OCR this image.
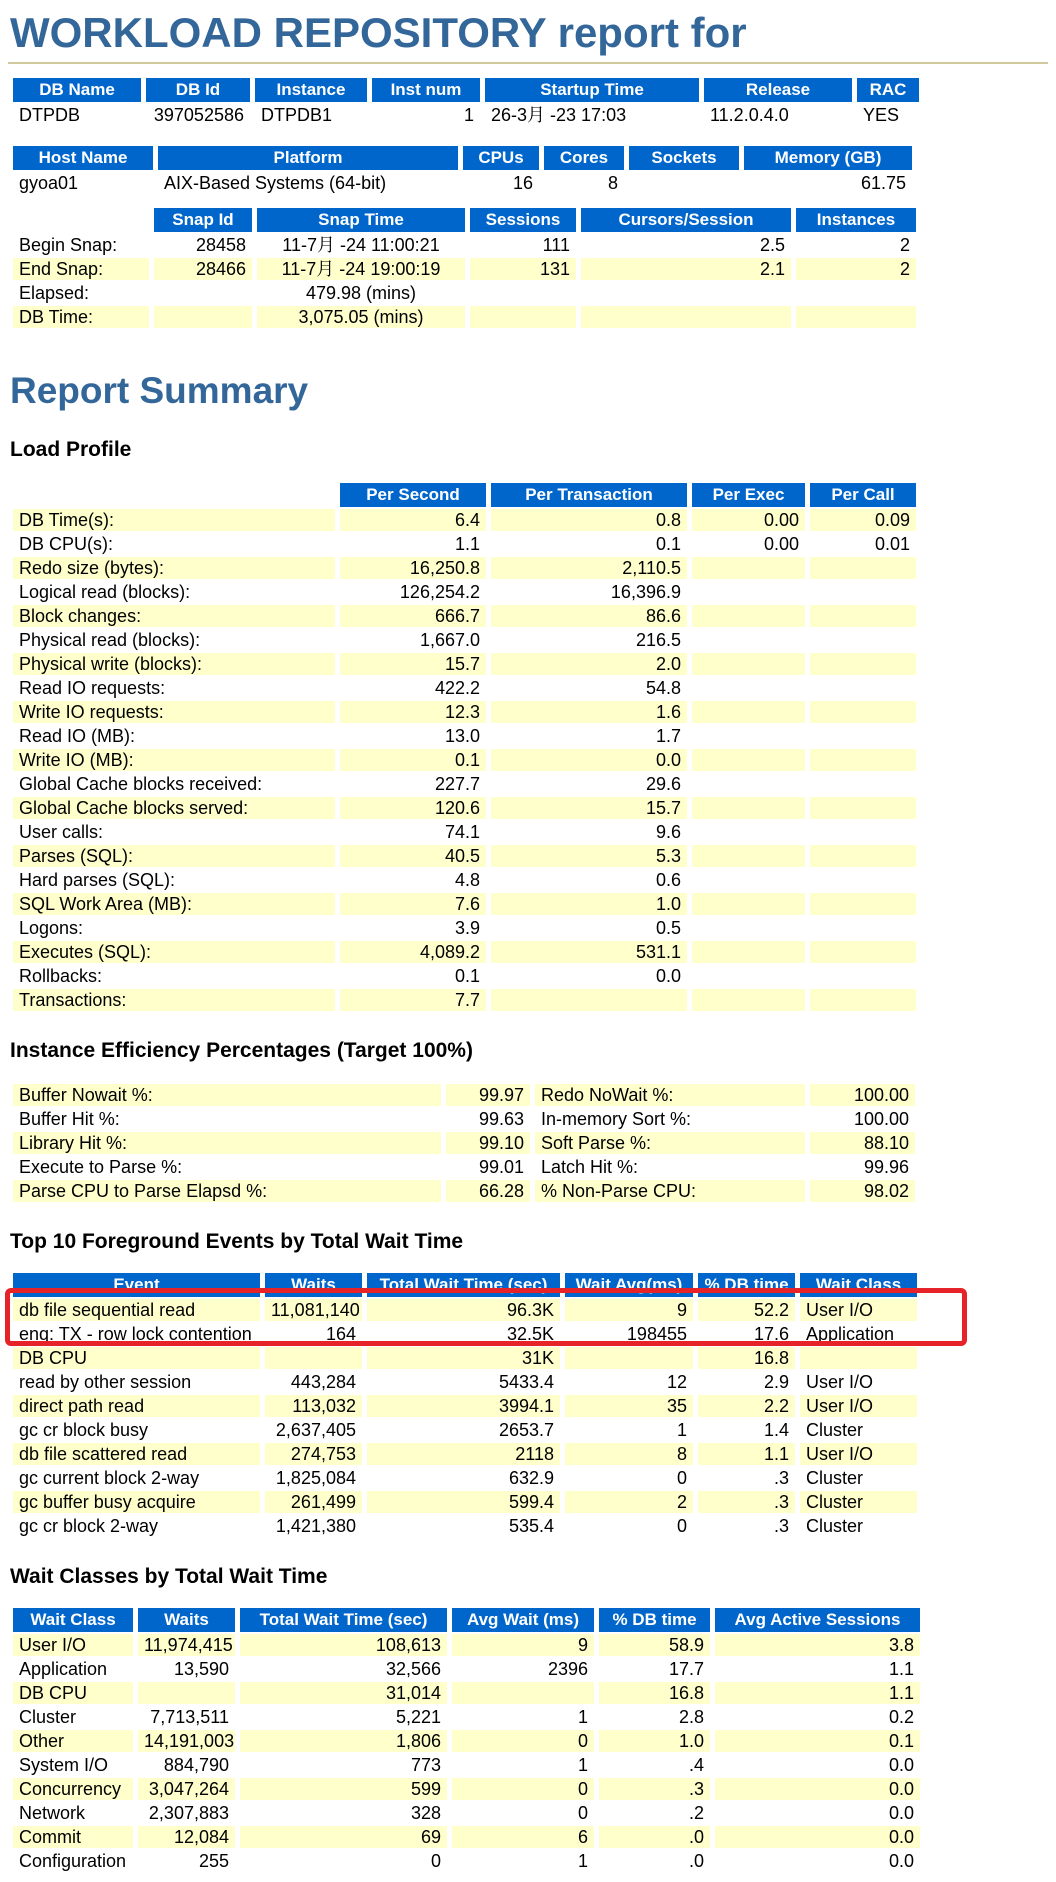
WORKLOAD REPOSITORY report for
DB Name	DB Id	Instance	Inst num	Startup Time	Release	RAC
DTPDB	397052586	DTPDB1	1	26-3月 -23 17:03	11.2.0.4.0	YES
Host Name	Platform	CPUs	Cores	Sockets	Memory (GB)
gyoa01	AIX-Based Systems (64-bit)	16	8		61.75
	Snap Id	Snap Time	Sessions	Cursors/Session	Instances
Begin Snap:	28458	11-7月 -24 11:00:21	111	2.5	2
End Snap:	28466	11-7月 -24 19:00:19	131	2.1	2
Elapsed:		479.98 (mins)			
DB Time:		3,075.05 (mins)			
Report Summary
Load Profile
	Per Second	Per Transaction	Per Exec	Per Call
DB Time(s):	6.4	0.8	0.00	0.09
DB CPU(s):	1.1	0.1	0.00	0.01
Redo size (bytes):	16,250.8	2,110.5		
Logical read (blocks):	126,254.2	16,396.9		
Block changes:	666.7	86.6		
Physical read (blocks):	1,667.0	216.5		
Physical write (blocks):	15.7	2.0		
Read IO requests:	422.2	54.8		
Write IO requests:	12.3	1.6		
Read IO (MB):	13.0	1.7		
Write IO (MB):	0.1	0.0		
Global Cache blocks received:	227.7	29.6		
Global Cache blocks served:	120.6	15.7		
User calls:	74.1	9.6		
Parses (SQL):	40.5	5.3		
Hard parses (SQL):	4.8	0.6		
SQL Work Area (MB):	7.6	1.0		
Logons:	3.9	0.5		
Executes (SQL):	4,089.2	531.1		
Rollbacks:	0.1	0.0		
Transactions:	7.7			
Instance Efficiency Percentages (Target 100%)
Buffer Nowait %:	99.97	Redo NoWait %:	100.00
Buffer Hit %:	99.63	In-memory Sort %:	100.00
Library Hit %:	99.10	Soft Parse %:	88.10
Execute to Parse %:	99.01	Latch Hit %:	99.96
Parse CPU to Parse Elapsd %:	66.28	% Non-Parse CPU:	98.02
Top 10 Foreground Events by Total Wait Time
Event	Waits	Total Wait Time (sec)	Wait Avg(ms)	% DB time	Wait Class
db file sequential read	11,081,140	96.3K	9	52.2	User I/O
enq: TX - row lock contention	164	32.5K	198455	17.6	Application
DB CPU		31K		16.8	
read by other session	443,284	5433.4	12	2.9	User I/O
direct path read	113,032	3994.1	35	2.2	User I/O
gc cr block busy	2,637,405	2653.7	1	1.4	Cluster
db file scattered read	274,753	2118	8	1.1	User I/O
gc current block 2-way	1,825,084	632.9	0	.3	Cluster
gc buffer busy acquire	261,499	599.4	2	.3	Cluster
gc cr block 2-way	1,421,380	535.4	0	.3	Cluster
Wait Classes by Total Wait Time
Wait Class	Waits	Total Wait Time (sec)	Avg Wait (ms)	% DB time	Avg Active Sessions
User I/O	11,974,415	108,613	9	58.9	3.8
Application	13,590	32,566	2396	17.7	1.1
DB CPU		31,014		16.8	1.1
Cluster	7,713,511	5,221	1	2.8	0.2
Other	14,191,003	1,806	0	1.0	0.1
System I/O	884,790	773	1	.4	0.0
Concurrency	3,047,264	599	0	.3	0.0
Network	2,307,883	328	0	.2	0.0
Commit	12,084	69	6	.0	0.0
Configuration	255	0	1	.0	0.0
